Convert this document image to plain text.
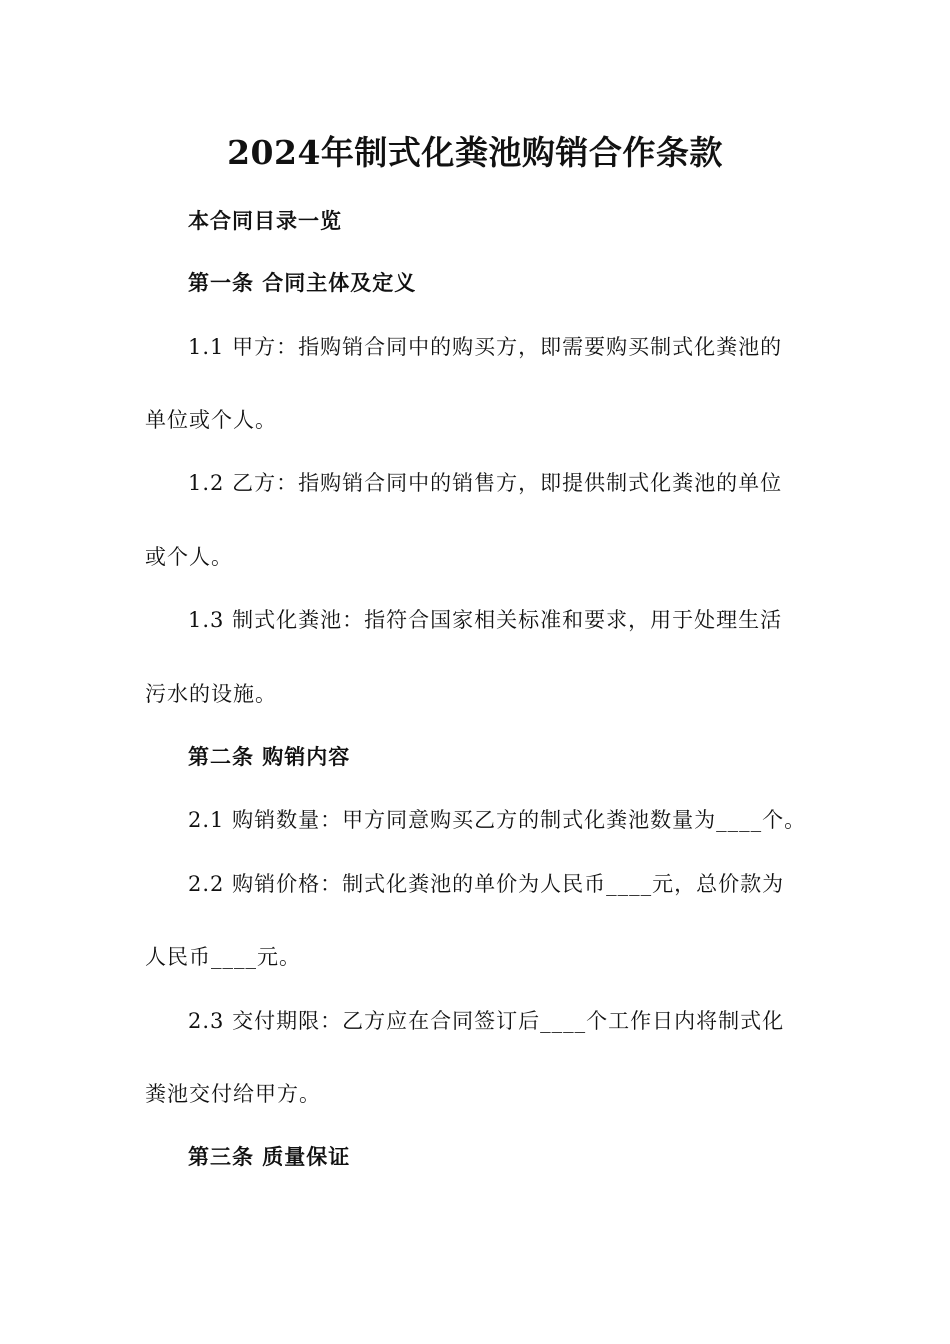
2024年制式化粪池购销合作条款
本合同目录一览
第一条 合同主体及定义
1.1 甲方：指购销合同中的购买方，即需要购买制式化粪池的
单位或个人。
1.2 乙方：指购销合同中的销售方，即提供制式化粪池的单位
或个人。
1.3 制式化粪池：指符合国家相关标准和要求，用于处理生活
污水的设施。
第二条 购销内容
2.1 购销数量：甲方同意购买乙方的制式化粪池数量为____个。
2.2 购销价格：制式化粪池的单价为人民币____元，总价款为
人民币____元。
2.3 交付期限：乙方应在合同签订后____个工作日内将制式化
粪池交付给甲方。
第三条 质量保证
